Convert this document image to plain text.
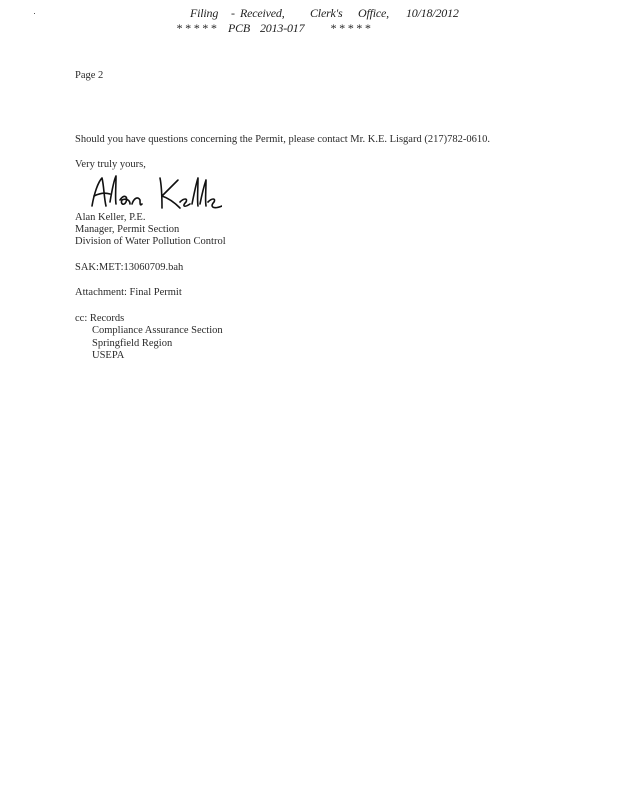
Filing

-

Received,

Clerk's

Office,

10/18/2012

* * * * *

PCB

2013-017

* * * * *

Page 2
Should you have questions concerning the Permit, please contact Mr. K.E. Lisgard (217)782-0610.
Very truly yours,
Alan Keller, P.E.
Manager, Permit Section
Division of Water Pollution Control
SAK:MET:13060709.bah
Attachment: Final Permit
cc: Records
Compliance Assurance Section
Springfield Region
USEPA
